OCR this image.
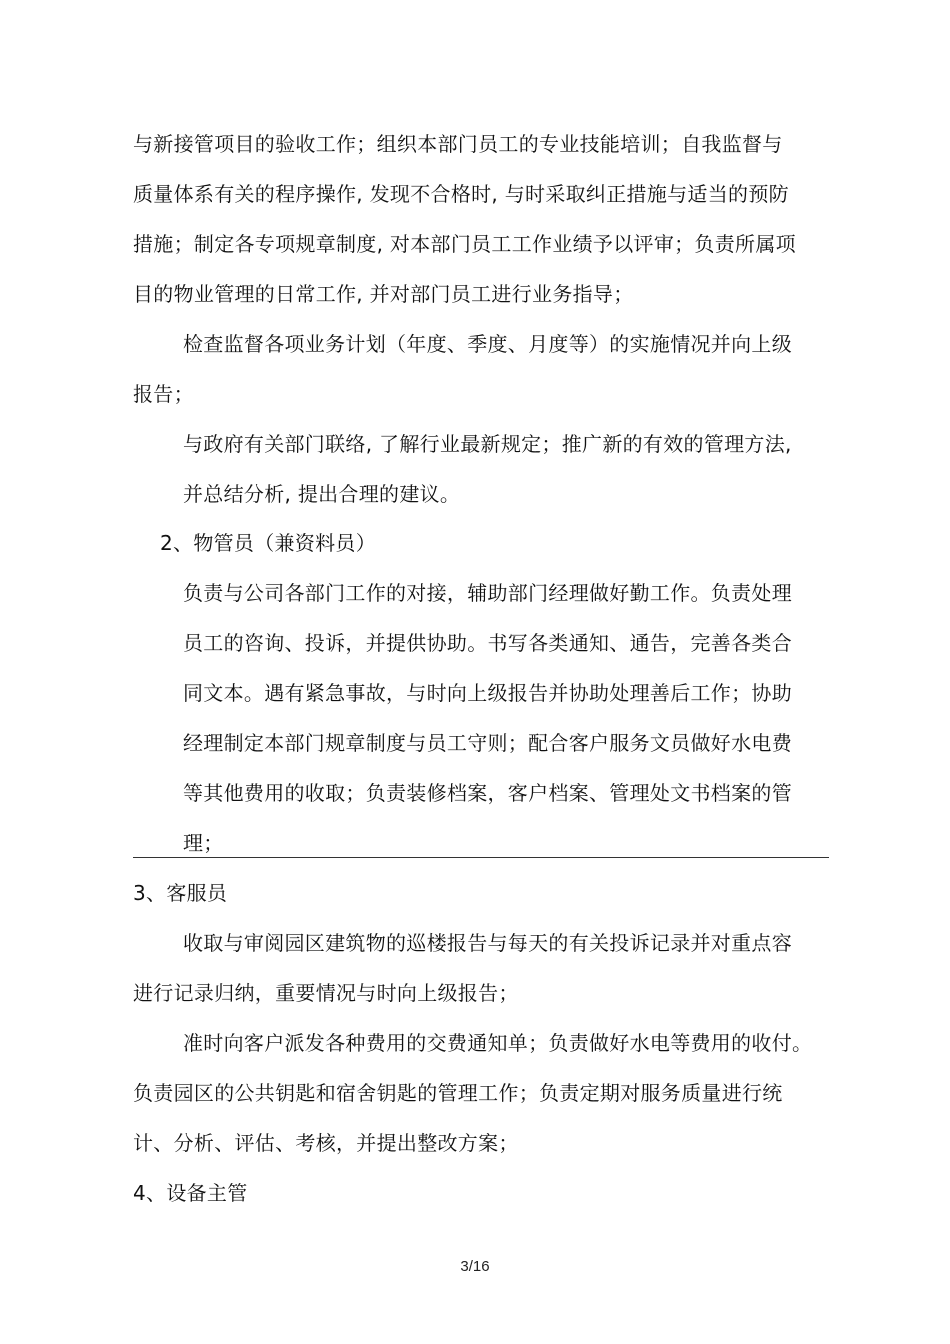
与新接管项目的验收工作；组织本部门员工的专业技能培训；自我监督与
质量体系有关的程序操作, 发现不合格时, 与时采取纠正措施与适当的预防
措施；制定各专项规章制度, 对本部门员工工作业绩予以评审；负责所属项
目的物业管理的日常工作, 并对部门员工进行业务指导；
检查监督各项业务计划（年度、季度、月度等）的实施情况并向上级
报告；
与政府有关部门联络, 了解行业最新规定；推广新的有效的管理方法,
并总结分析, 提出合理的建议。
2、物管员（兼资料员）
负责与公司各部门工作的对接，辅助部门经理做好勤工作。负责处理
员工的咨询、投诉，并提供协助。书写各类通知、通告，完善各类合
同文本。遇有紧急事故，与时向上级报告并协助处理善后工作；协助
经理制定本部门规章制度与员工守则；配合客户服务文员做好水电费
等其他费用的收取；负责装修档案，客户档案、管理处文书档案的管
理；
3、客服员
收取与审阅园区建筑物的巡楼报告与每天的有关投诉记录并对重点容
进行记录归纳，重要情况与时向上级报告；
准时向客户派发各种费用的交费通知单；负责做好水电等费用的收付。
负责园区的公共钥匙和宿舍钥匙的管理工作；负责定期对服务质量进行统
计、分析、评估、考核，并提出整改方案；
4、设备主管
3/16
